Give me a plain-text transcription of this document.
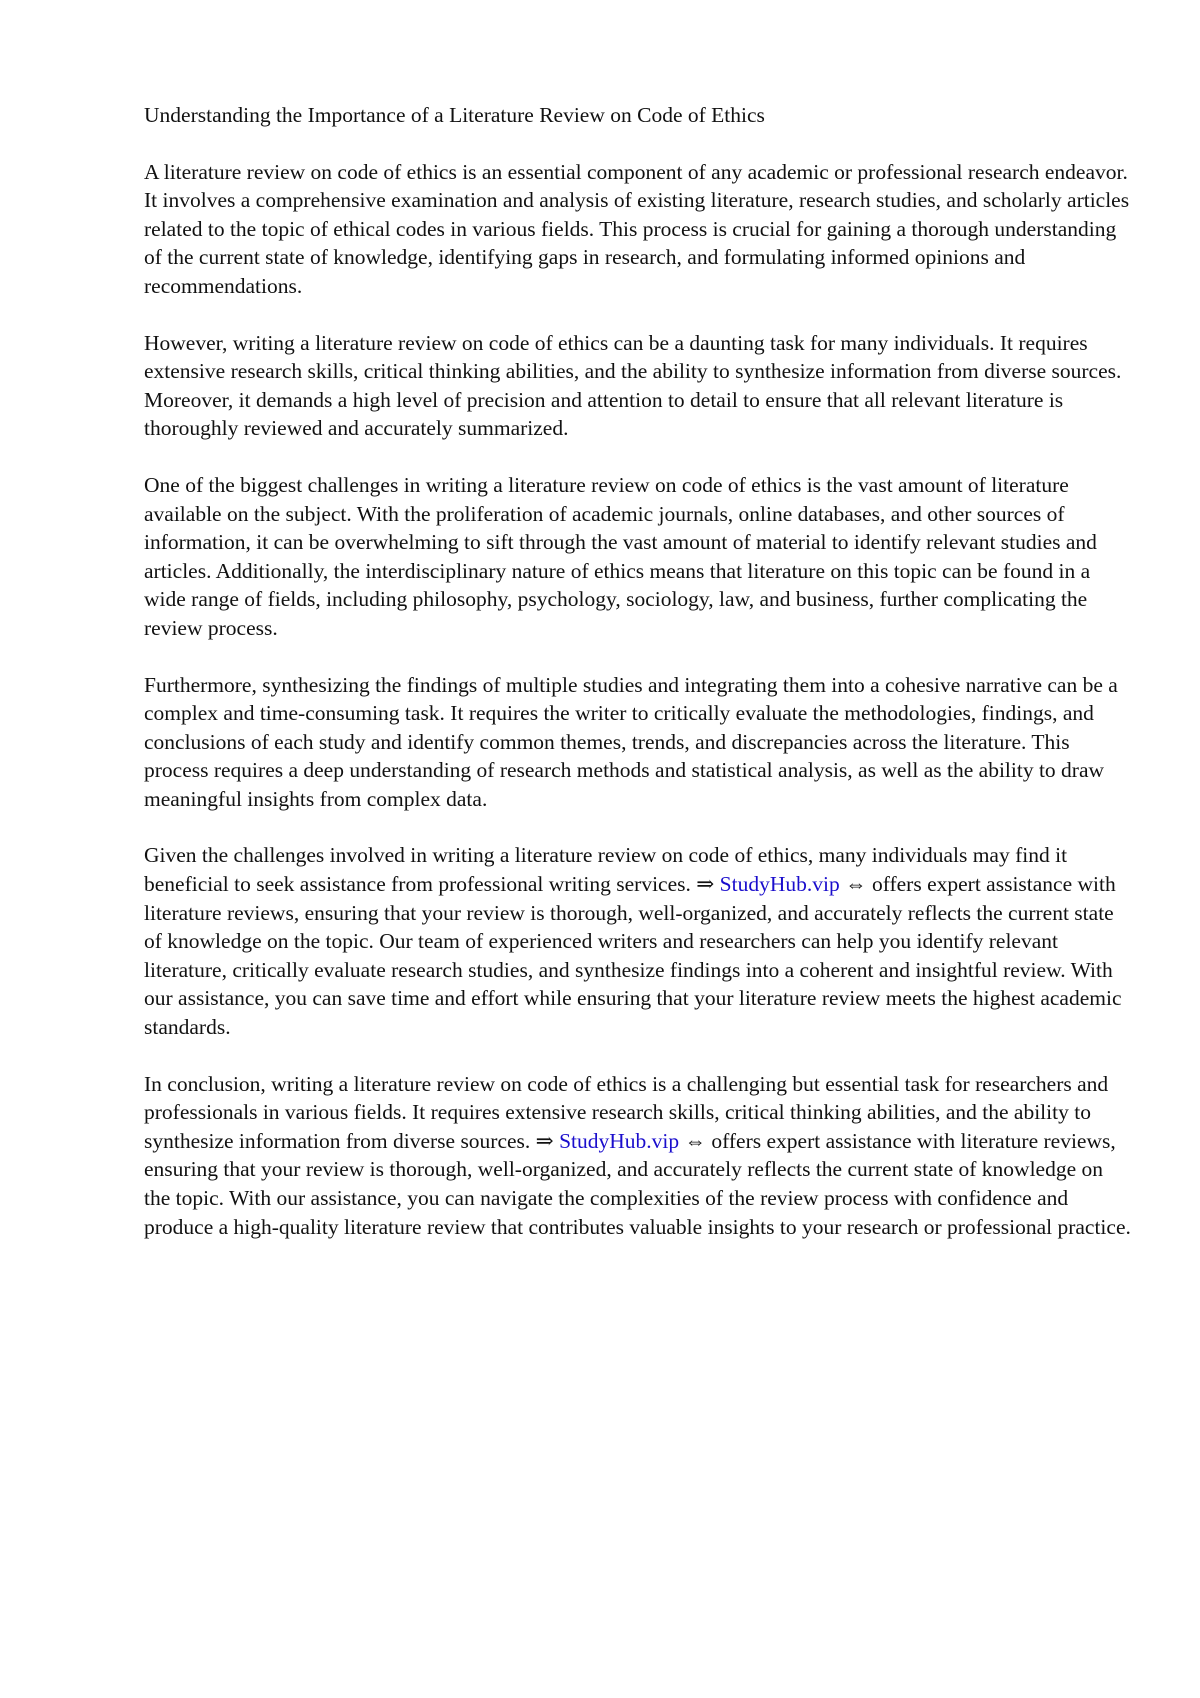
Understanding the Importance of a Literature Review on Code of Ethics

A literature review on code of ethics is an essential component of any academic or professional research endeavor. It involves a comprehensive examination and analysis of existing literature, research studies, and scholarly articles related to the topic of ethical codes in various fields. This process is crucial for gaining a thorough understanding of the current state of knowledge, identifying gaps in research, and formulating informed opinions and recommendations.

However, writing a literature review on code of ethics can be a daunting task for many individuals. It requires extensive research skills, critical thinking abilities, and the ability to synthesize information from diverse sources. Moreover, it demands a high level of precision and attention to detail to ensure that all relevant literature is thoroughly reviewed and accurately summarized.

One of the biggest challenges in writing a literature review on code of ethics is the vast amount of literature available on the subject. With the proliferation of academic journals, online databases, and other sources of information, it can be overwhelming to sift through the vast amount of material to identify relevant studies and articles. Additionally, the interdisciplinary nature of ethics means that literature on this topic can be found in a wide range of fields, including philosophy, psychology, sociology, law, and business, further complicating the review process.

Furthermore, synthesizing the findings of multiple studies and integrating them into a cohesive narrative can be a complex and time-consuming task. It requires the writer to critically evaluate the methodologies, findings, and conclusions of each study and identify common themes, trends, and discrepancies across the literature. This process requires a deep understanding of research methods and statistical analysis, as well as the ability to draw meaningful insights from complex data.

Given the challenges involved in writing a literature review on code of ethics, many individuals may find it beneficial to seek assistance from professional writing services. ⇒ StudyHub.vip ⇔ offers expert assistance with literature reviews, ensuring that your review is thorough, well-organized, and accurately reflects the current state of knowledge on the topic. Our team of experienced writers and researchers can help you identify relevant literature, critically evaluate research studies, and synthesize findings into a coherent and insightful review. With our assistance, you can save time and effort while ensuring that your literature review meets the highest academic standards.

In conclusion, writing a literature review on code of ethics is a challenging but essential task for researchers and professionals in various fields. It requires extensive research skills, critical thinking abilities, and the ability to synthesize information from diverse sources. ⇒ StudyHub.vip ⇔ offers expert assistance with literature reviews, ensuring that your review is thorough, well-organized, and accurately reflects the current state of knowledge on the topic. With our assistance, you can navigate the complexities of the review process with confidence and produce a high-quality literature review that contributes valuable insights to your research or professional practice.
